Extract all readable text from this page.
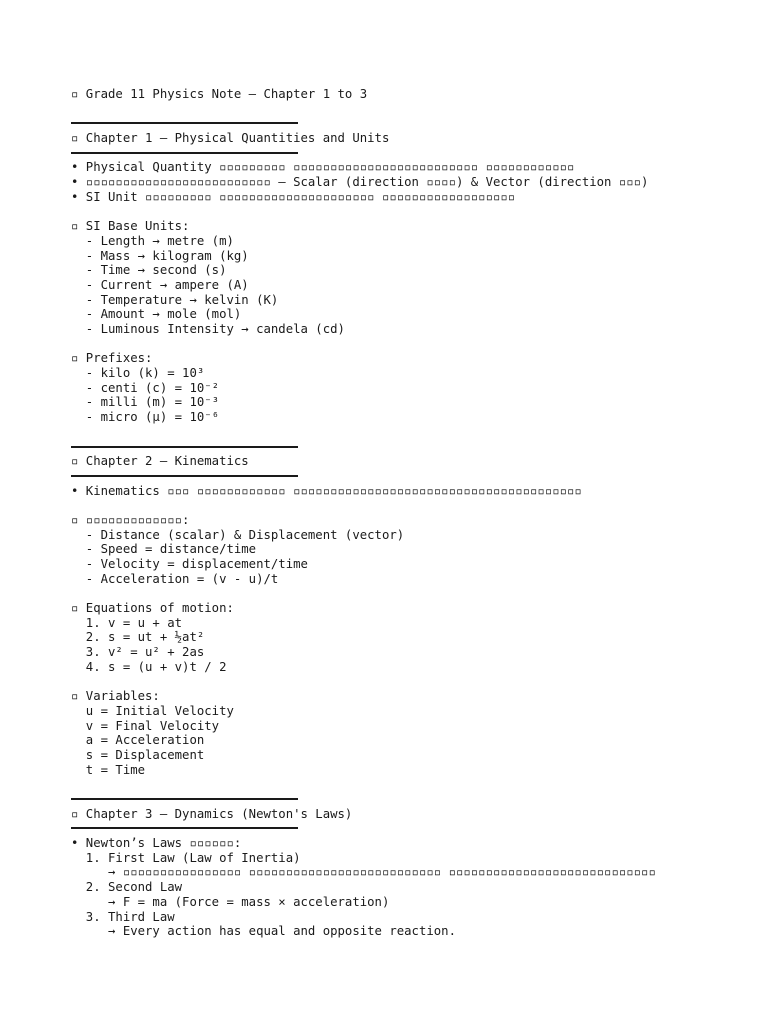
▫ Grade 11 Physics Note – Chapter 1 to 3
▫ Chapter 1 – Physical Quantities and Units
• Physical Quantity ▫▫▫▫▫▫▫▫▫ ▫▫▫▫▫▫▫▫▫▫▫▫▫▫▫▫▫▫▫▫▫▫▫▫▫ ▫▫▫▫▫▫▫▫▫▫▫▫
• ▫▫▫▫▫▫▫▫▫▫▫▫▫▫▫▫▫▫▫▫▫▫▫▫▫ – Scalar (direction ▫▫▫▫) & Vector (direction ▫▫▫)
• SI Unit ▫▫▫▫▫▫▫▫▫ ▫▫▫▫▫▫▫▫▫▫▫▫▫▫▫▫▫▫▫▫▫ ▫▫▫▫▫▫▫▫▫▫▫▫▫▫▫▫▫▫
▫ SI Base Units:
- Length → metre (m)
- Mass → kilogram (kg)
- Time → second (s)
- Current → ampere (A)
- Temperature → kelvin (K)
- Amount → mole (mol)
- Luminous Intensity → candela (cd)
▫ Prefixes:
- kilo (k) = 10³
- centi (c) = 10⁻²
- milli (m) = 10⁻³
- micro (μ) = 10⁻⁶
▫ Chapter 2 – Kinematics
• Kinematics ▫▫▫ ▫▫▫▫▫▫▫▫▫▫▫▫ ▫▫▫▫▫▫▫▫▫▫▫▫▫▫▫▫▫▫▫▫▫▫▫▫▫▫▫▫▫▫▫▫▫▫▫▫▫▫▫
▫ ▫▫▫▫▫▫▫▫▫▫▫▫▫:
- Distance (scalar) & Displacement (vector)
- Speed = distance/time
- Velocity = displacement/time
- Acceleration = (v - u)/t
▫ Equations of motion:
1. v = u + at
2. s = ut + ½at²
3. v² = u² + 2as
4. s = (u + v)t / 2
▫ Variables:
u = Initial Velocity
v = Final Velocity
a = Acceleration
s = Displacement
t = Time
▫ Chapter 3 – Dynamics (Newton's Laws)
• Newton’s Laws ▫▫▫▫▫▫:
1. First Law (Law of Inertia)
→ ▫▫▫▫▫▫▫▫▫▫▫▫▫▫▫▫ ▫▫▫▫▫▫▫▫▫▫▫▫▫▫▫▫▫▫▫▫▫▫▫▫▫▫ ▫▫▫▫▫▫▫▫▫▫▫▫▫▫▫▫▫▫▫▫▫▫▫▫▫▫▫▫
2. Second Law
→ F = ma (Force = mass × acceleration)
3. Third Law
→ Every action has equal and opposite reaction.
